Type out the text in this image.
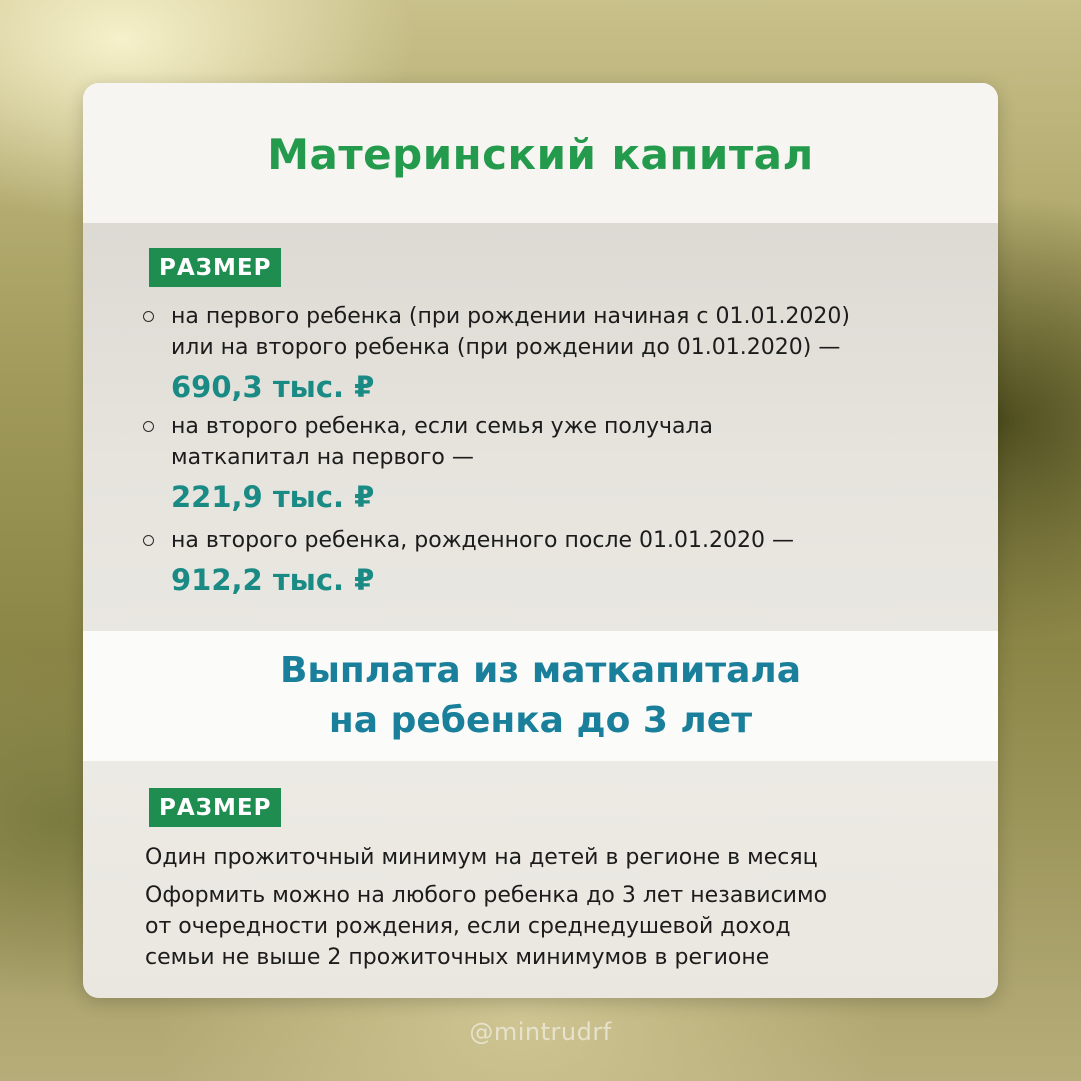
Материнский капитал
РАЗМЕР
на первого ребенка (при рождении начиная с 01.01.2020)
или на второго ребенка (при рождении до 01.01.2020) —
690,3 тыс. ₽
на второго ребенка, если семья уже получала
маткапитал на первого —
221,9 тыс. ₽
на второго ребенка, рожденного после 01.01.2020 —
912,2 тыс. ₽
Выплата из маткапитала
на ребенка до 3 лет
РАЗМЕР
Один прожиточный минимум на детей в регионе в месяц
Оформить можно на любого ребенка до 3 лет независимо
от очередности рождения, если среднедушевой доход
семьи не выше 2 прожиточных минимумов в регионе
@mintrudrf
